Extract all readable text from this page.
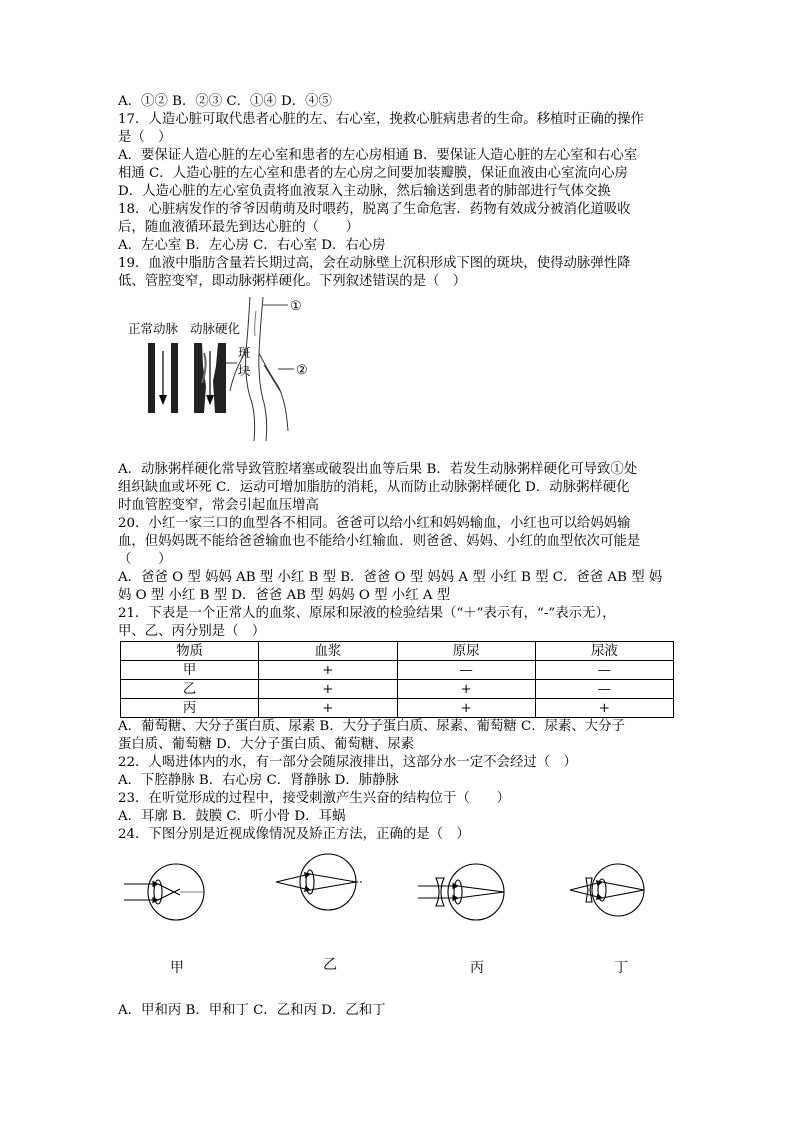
A．①② B．②③ C．①④ D．④⑤
17．人造心脏可取代患者心脏的左、右心室，挽救心脏病患者的生命。移植时正确的操作
是（　）
A．要保证人造心脏的左心室和患者的左心房相通 B．要保证人造心脏的左心室和右心室
相通 C．人造心脏的左心室和患者的左心房之间要加装瓣膜，保证血液由心室流向心房
D．人造心脏的左心室负责将血液泵入主动脉，然后输送到患者的肺部进行气体交换
18．心脏病发作的爷爷因萌萌及时喂药，脱离了生命危害．药物有效成分被消化道吸收
后，随血液循环最先到达心脏的（　　）
A．左心室 B．左心房 C．右心室 D．右心房
19．血液中脂肪含量若长期过高，会在动脉壁上沉积形成下图的斑块，使得动脉弹性降
低、管腔变窄，即动脉粥样硬化。下列叙述错误的是（　）
正常动脉 动脉硬化
斑
块
①
②
A．动脉粥样硬化常导致管腔堵塞或破裂出血等后果 B．若发生动脉粥样硬化可导致①处
组织缺血或坏死 C．运动可增加脂肪的消耗，从而防止动脉粥样硬化 D．动脉粥样硬化
时血管腔变窄，常会引起血压增高
20．小红一家三口的血型各不相同。爸爸可以给小红和妈妈输血，小红也可以给妈妈输
血，但妈妈既不能给爸爸输血也不能给小红输血．则爸爸、妈妈、小红的血型依次可能是
（　　）
A．爸爸 O 型 妈妈 AB 型 小红 B 型 B．爸爸 O 型 妈妈 A 型 小红 B 型 C．爸爸 AB 型 妈
妈 O 型 小红 B 型 D．爸爸 AB 型 妈妈 O 型 小红 A 型
21．下表是一个正常人的血浆、原尿和尿液的检验结果（“＋”表示有，“-”表示无），
甲、乙、丙分别是（　）
物质	血浆	原尿	尿液
甲	+	—	—
乙	+	+	—
丙	+	+	+
A．葡萄糖、大分子蛋白质、尿素 B．大分子蛋白质、尿素、葡萄糖 C．尿素、大分子
蛋白质、葡萄糖 D．大分子蛋白质、葡萄糖、尿素
22．人喝进体内的水，有一部分会随尿液排出，这部分水一定不会经过（　）
A．下腔静脉 B．右心房 C．肾静脉 D．肺静脉
23．在听觉形成的过程中，接受刺激产生兴奋的结构位于（　　）
A．耳廓 B．鼓膜 C．听小骨 D．耳蜗
24．下图分别是近视成像情况及矫正方法，正确的是（　）
甲	乙	丙	丁
A．甲和丙 B．甲和丁 C．乙和丙 D．乙和丁
